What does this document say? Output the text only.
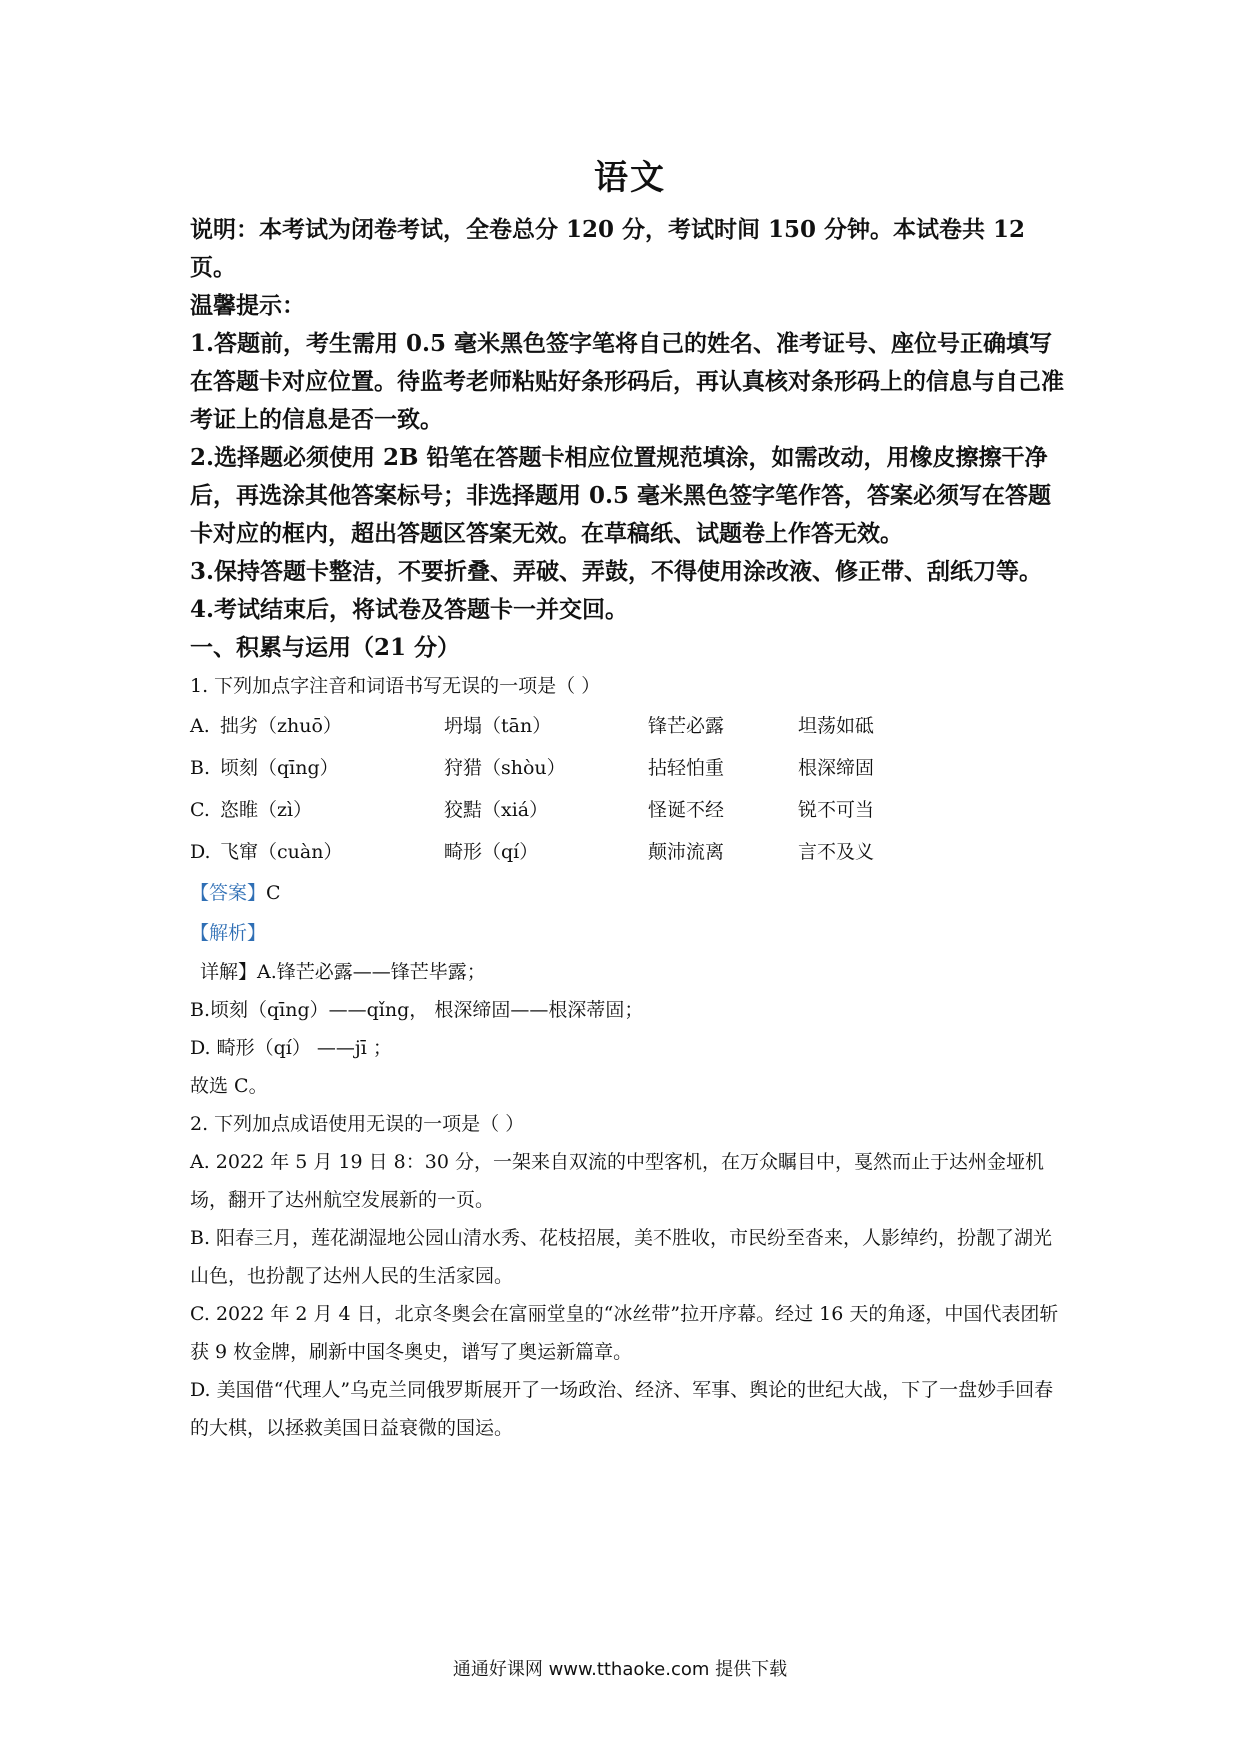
语文
说明：本考试为闭卷考试，全卷总分 120 分，考试时间 150 分钟。本试卷共 12 页。
温馨提示：
1.答题前，考生需用 0.5 毫米黑色签字笔将自己的姓名、准考证号、座位号正确填写在答题卡对应位置。待监考老师粘贴好条形码后，再认真核对条形码上的信息与自己准考证上的信息是否一致。
2.选择题必须使用 2B 铅笔在答题卡相应位置规范填涂，如需改动，用橡皮擦擦干净后，再选涂其他答案标号；非选择题用 0.5 毫米黑色签字笔作答，答案必须写在答题卡对应的框内，超出答题区答案无效。在草稿纸、试题卷上作答无效。
3.保持答题卡整洁，不要折叠、弄破、弄鼓，不得使用涂改液、修正带、刮纸刀等。
4.考试结束后，将试卷及答题卡一并交回。
一、积累与运用（21 分）

1. 下列加点字注音和词语书写无误的一项是（ ）

A. 拙劣（zhuō）	坍塌（tān）	锋芒必露	坦荡如砥
B. 顷刻（qīng）	狩猎（shòu）	拈轻怕重	根深缔固
C. 恣睢（zì）	狡黠（xiá）	怪诞不经	锐不可当
D. 飞窜（cuàn）	畸形（qí）	颠沛流离	言不及义
【答案】C
【解析】

详解】A.锋芒必露——锋芒毕露；

B.顷刻（qīng）——qǐng， 根深缔固——根深蒂固；

D. 畸形（qí） ——jī ；

故选 C。

2. 下列加点成语使用无误的一项是（ ）

A. 2022 年 5 月 19 日 8：30 分，一架来自双流的中型客机，在万众瞩目中，戛然而止于达州金垭机场，翻开了达州航空发展新的一页。

B. 阳春三月，莲花湖湿地公园山清水秀、花枝招展，美不胜收，市民纷至沓来，人影绰约，扮靓了湖光山色，也扮靓了达州人民的生活家园。

C. 2022 年 2 月 4 日，北京冬奥会在富丽堂皇的“冰丝带”拉开序幕。经过 16 天的角逐，中国代表团斩获 9 枚金牌，刷新中国冬奥史，谱写了奥运新篇章。

D. 美国借“代理人”乌克兰同俄罗斯展开了一场政治、经济、军事、舆论的世纪大战，下了一盘妙手回春的大棋，以拯救美国日益衰微的国运。

通通好课网 www.tthaoke.com 提供下载
